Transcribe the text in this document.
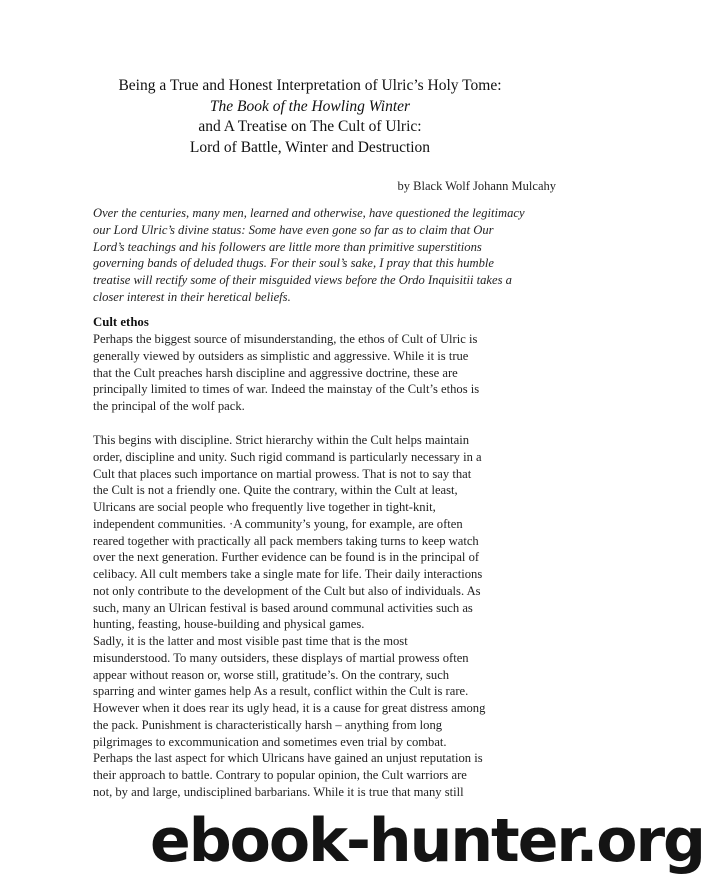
Being a True and Honest Interpretation of Ulric’s Holy Tome:
The Book of the Howling Winter
and A Treatise on The Cult of Ulric:
Lord of Battle, Winter and Destruction
by Black Wolf Johann Mulcahy
Over the centuries, many men, learned and otherwise, have questioned the legitimacy
our Lord Ulric’s divine status: Some have even gone so far as to claim that Our
Lord’s teachings and his followers are little more than primitive superstitions
governing bands of deluded thugs. For their soul’s sake, I pray that this humble
treatise will rectify some of their misguided views before the Ordo Inquisitii takes a
closer interest in their heretical beliefs.
Cult ethos
Perhaps the biggest source of misunderstanding, the ethos of Cult of Ulric is
generally viewed by outsiders as simplistic and aggressive. While it is true
that the Cult preaches harsh discipline and aggressive doctrine, these are
principally limited to times of war. Indeed the mainstay of the Cult’s ethos is
the principal of the wolf pack.
This begins with discipline. Strict hierarchy within the Cult helps maintain
order, discipline and unity. Such rigid command is particularly necessary in a
Cult that places such importance on martial prowess. That is not to say that
the Cult is not a friendly one. Quite the contrary, within the Cult at least,
Ulricans are social people who frequently live together in tight-knit,
independent communities. ·A community’s young, for example, are often
reared together with practically all pack members taking turns to keep watch
over the next generation. Further evidence can be found is in the principal of
celibacy. All cult members take a single mate for life. Their daily interactions
not only contribute to the development of the Cult but also of individuals. As
such, many an Ulrican festival is based around communal activities such as
hunting, feasting, house-building and physical games.
Sadly, it is the latter and most visible past time that is the most
misunderstood. To many outsiders, these displays of martial prowess often
appear without reason or, worse still, gratitude’s. On the contrary, such
sparring and winter games help As a result, conflict within the Cult is rare.
However when it does rear its ugly head, it is a cause for great distress among
the pack. Punishment is characteristically harsh – anything from long
pilgrimages to excommunication and sometimes even trial by combat.
Perhaps the last aspect for which Ulricans have gained an unjust reputation is
their approach to battle. Contrary to popular opinion, the Cult warriors are
not, by and large, undisciplined barbarians. While it is true that many still
ebook-hunter.org
